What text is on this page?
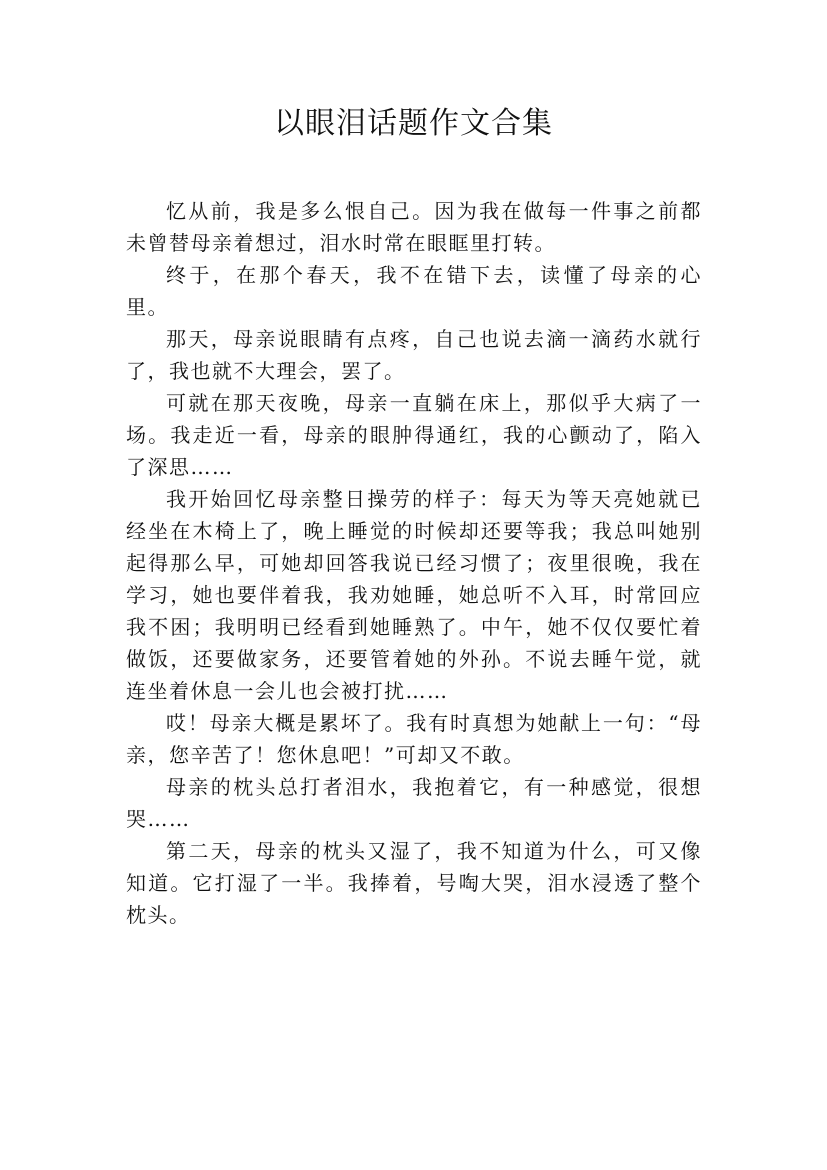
以眼泪话题作文合集

忆从前，我是多么恨自己。因为我在做每一件事之前都未曾替母亲着想过，泪水时常在眼眶里打转。

终于，在那个春天，我不在错下去，读懂了母亲的心里。

那天，母亲说眼睛有点疼，自己也说去滴一滴药水就行了，我也就不大理会，罢了。

可就在那天夜晚，母亲一直躺在床上，那似乎大病了一场。我走近一看，母亲的眼肿得通红，我的心颤动了，陷入了深思……

我开始回忆母亲整日操劳的样子：每天为等天亮她就已经坐在木椅上了，晚上睡觉的时候却还要等我；我总叫她别起得那么早，可她却回答我说已经习惯了；夜里很晚，我在学习，她也要伴着我，我劝她睡，她总听不入耳，时常回应我不困；我明明已经看到她睡熟了。中午，她不仅仅要忙着做饭，还要做家务，还要管着她的外孙。不说去睡午觉，就连坐着休息一会儿也会被打扰……

哎！母亲大概是累坏了。我有时真想为她献上一句：“母亲，您辛苦了！您休息吧！”可却又不敢。

母亲的枕头总打者泪水，我抱着它，有一种感觉，很想哭……

第二天，母亲的枕头又湿了，我不知道为什么，可又像知道。它打湿了一半。我捧着，号啕大哭，泪水浸透了整个枕头。
